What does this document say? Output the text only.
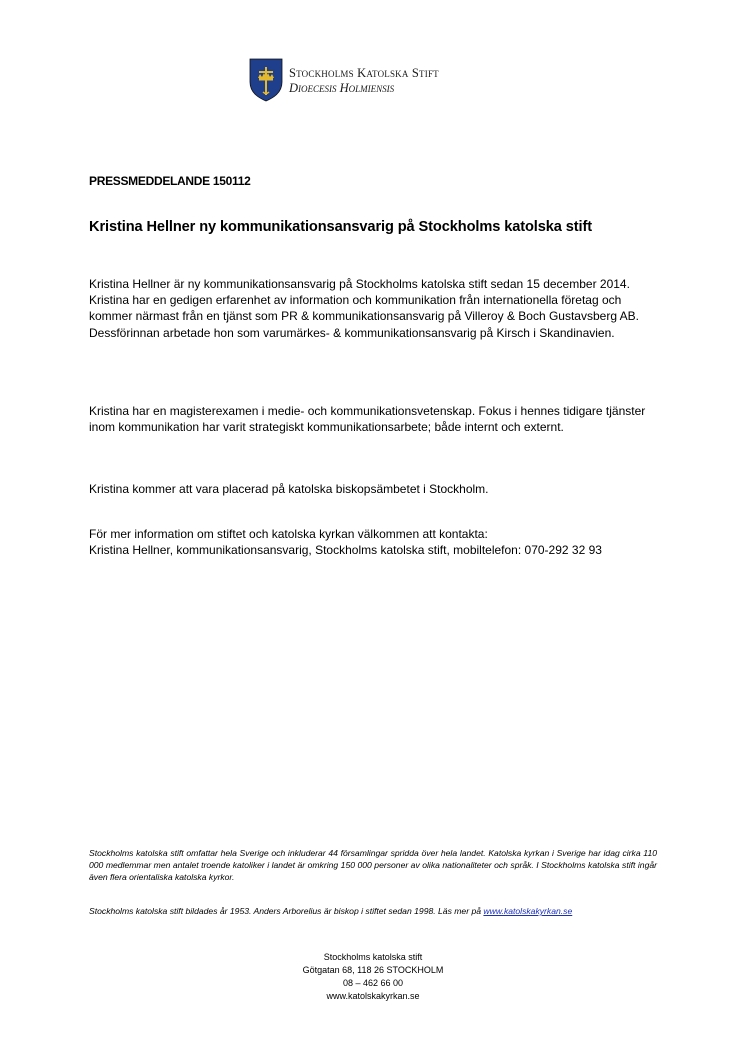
Stockholms Katolska Stift
Dioecesis Holmiensis
PRESSMEDDELANDE 150112
Kristina Hellner ny kommunikationsansvarig på Stockholms katolska stift
Kristina Hellner är ny kommunikationsansvarig på Stockholms katolska stift sedan 15 december 2014. Kristina har en gedigen erfarenhet av information och kommunikation från internationella företag och kommer närmast från en tjänst som PR & kommunikationsansvarig på Villeroy & Boch Gustavsberg AB. Dessförinnan arbetade hon som varumärkes- & kommunikationsansvarig på Kirsch i Skandinavien.
Kristina har en magisterexamen i medie- och kommunikationsvetenskap. Fokus i hennes tidigare tjänster inom kommunikation har varit strategiskt kommunikationsarbete; både internt och externt.
Kristina kommer att vara placerad på katolska biskopsämbetet i Stockholm.
För mer information om stiftet och katolska kyrkan välkommen att kontakta:
Kristina Hellner, kommunikationsansvarig, Stockholms katolska stift, mobiltelefon: 070-292 32 93
Stockholms katolska stift omfattar hela Sverige och inkluderar 44 församlingar spridda över hela landet. Katolska kyrkan i Sverige har idag cirka 110 000 medlemmar men antalet troende katoliker i landet är omkring 150 000 personer av olika nationaliteter och språk. I Stockholms katolska stift ingår även flera orientaliska katolska kyrkor.
Stockholms katolska stift bildades år 1953. Anders Arborelius är biskop i stiftet sedan 1998. Läs mer på www.katolskakyrkan.se
Stockholms katolska stift
Götgatan 68, 118 26 STOCKHOLM
08 – 462 66 00
www.katolskakyrkan.se
